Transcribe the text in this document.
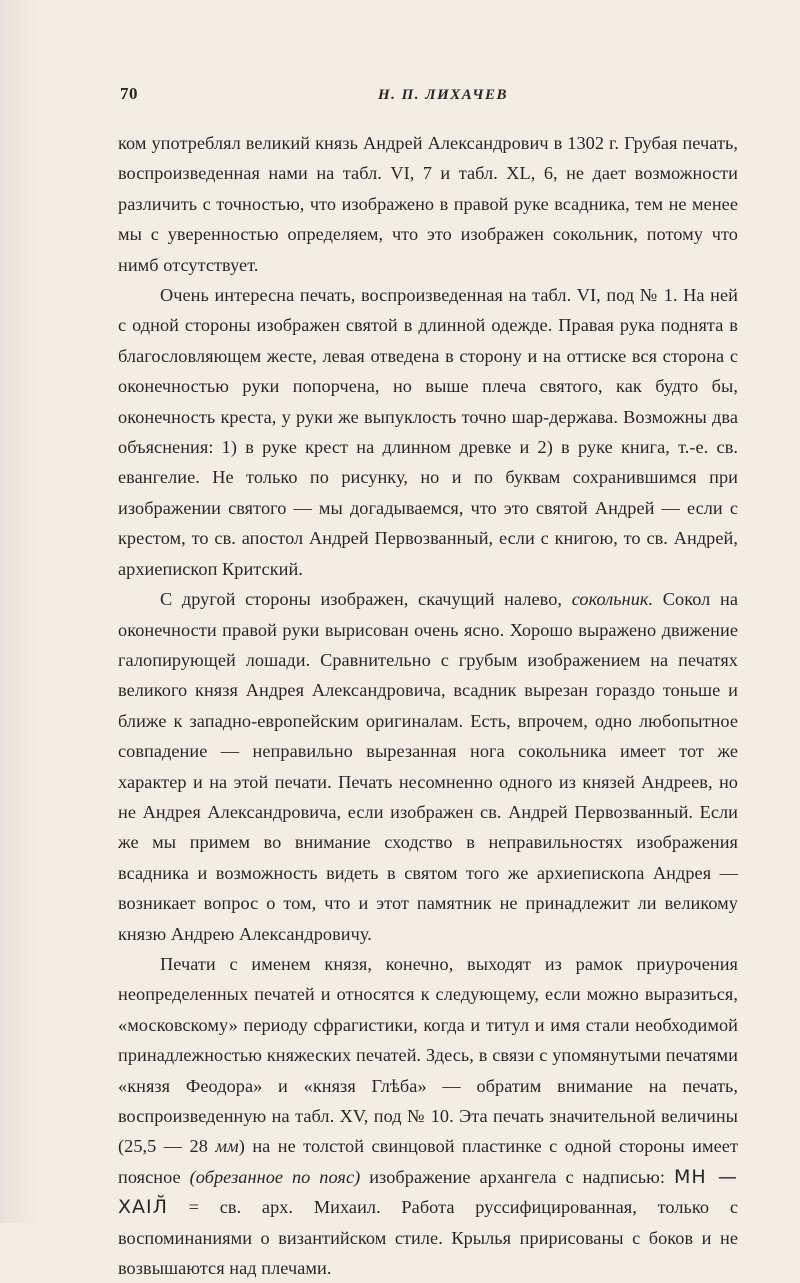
70	Н. П. ЛИХАЧЕВ

ком употреблял великий князь Андрей Александрович в 1302 г. Грубая печать, воспроизведенная нами на табл. VI, 7 и табл. XL, 6, не дает возможности различить с точностью, что изображено в правой руке всадника, тем не менее мы с уверенностью определяем, что это изображен сокольник, потому что нимб отсутствует.

Очень интересна печать, воспроизведенная на табл. VI, под № 1. На ней с одной стороны изображен святой в длинной одежде. Правая рука поднята в благословляющем жесте, левая отведена в сторону и на оттиске вся сторона с оконечностью руки попорчена, но выше плеча святого, как будто бы, оконечность креста, у руки же выпуклость точно шар-держава. Возможны два объяснения: 1) в руке крест на длинном древке и 2) в руке книга, т.-е. св. евангелие. Не только по рисунку, но и по буквам сохранившимся при изображении святого — мы догадываемся, что это святой Андрей — если с крестом, то св. апостол Андрей Первозванный, если с книгою, то св. Андрей, архиепископ Критский.

С другой стороны изображен, скачущий налево, сокольник. Сокол на оконечности правой руки вырисован очень ясно. Хорошо выражено движение галопирующей лошади. Сравнительно с грубым изображением на печатях великого князя Андрея Александровича, всадник вырезан гораздо тоньше и ближе к западно-европейским оригиналам. Есть, впрочем, одно любопытное совпадение — неправильно вырезанная нога сокольника имеет тот же характер и на этой печати. Печать несомненно одного из князей Андреев, но не Андрея Александровича, если изображен св. Андрей Первозванный. Если же мы примем во внимание сходство в неправильностях изображения всадника и возможность видеть в святом того же архиепископа Андрея — возникает вопрос о том, что и этот памятник не принадлежит ли великому князю Андрею Александровичу.

Печати с именем князя, конечно, выходят из рамок приурочения неопределенных печатей и относятся к следующему, если можно выразиться, «московскому» периоду сфрагистики, когда и титул и имя стали необходимой принадлежностью княжеских печатей. Здесь, в связи с упомянутыми печатями «князя Феодора» и «князя Глѣба» — обратим внимание на печать, воспроизведенную на табл. XV, под № 10. Эта печать значительной величины (25,5 — 28 мм) на не толстой свинцовой пластинке с одной стороны имеет поясное (обрезанное по пояс) изображение архангела с надписью: МН — ХАІЛ̆ = св. арх. Михаил. Работа руссифицированная, только с воспоминаниями о византийском стиле. Крылья пририсованы с боков и не возвышаются над плечами.
